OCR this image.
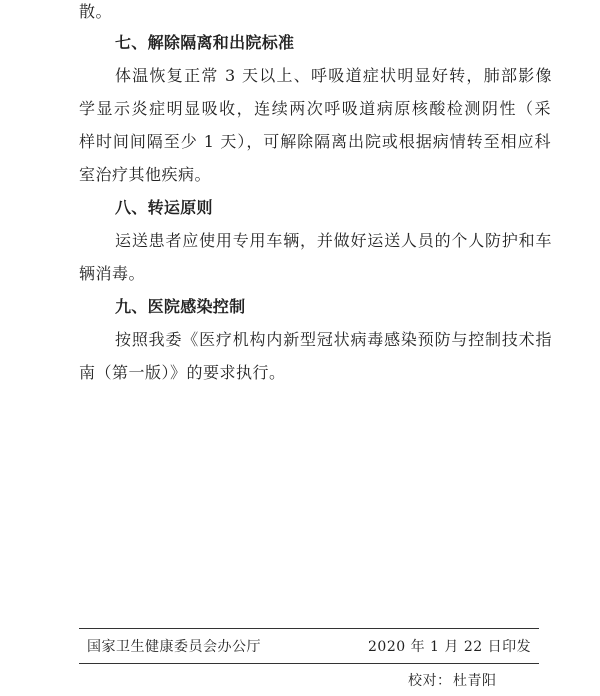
散。
七、解除隔离和出院标准
体温恢复正常 3 天以上、呼吸道症状明显好转，肺部影像
学显示炎症明显吸收，连续两次呼吸道病原核酸检测阴性（采
样时间间隔至少 1 天），可解除隔离出院或根据病情转至相应科
室治疗其他疾病。
八、转运原则
运送患者应使用专用车辆，并做好运送人员的个人防护和车
辆消毒。
九、医院感染控制
按照我委《医疗机构内新型冠状病毒感染预防与控制技术指
南（第一版）》的要求执行。
国家卫生健康委员会办公厅	2020 年 1 月 22 日印发
校对： 杜青阳
